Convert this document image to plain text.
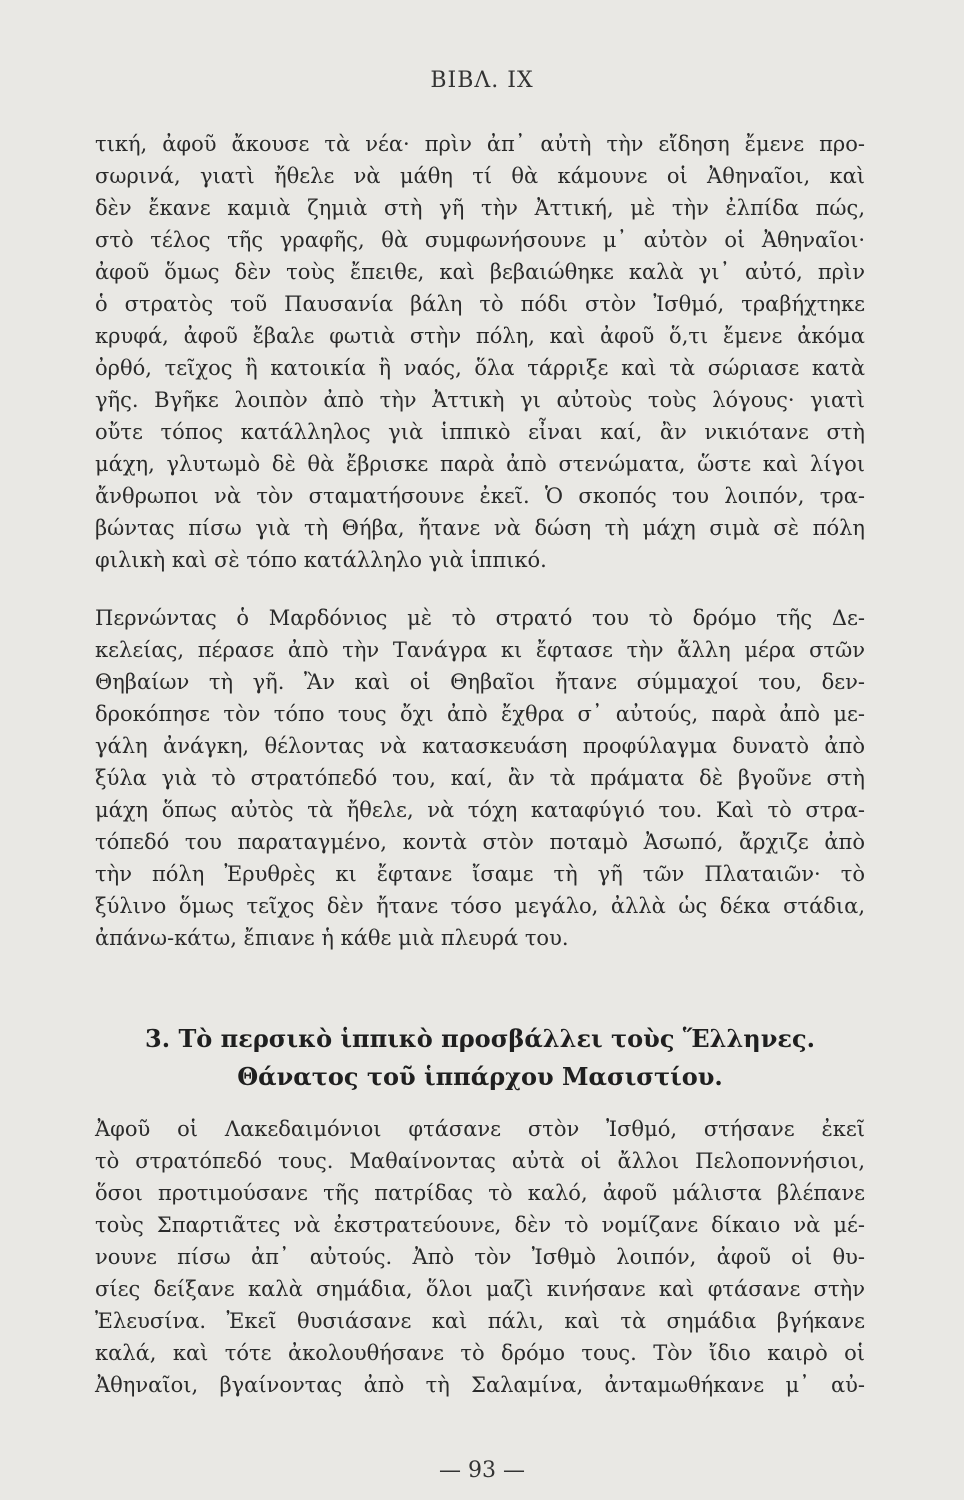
ΒΙΒΛ. IX
τική, ἀφοῦ ἄκουσε τὰ νέα· πρὶν ἀπ᾽ αὐτὴ τὴν εἴδηση ἔμενε προ-
σωρινά, γιατὶ ἤθελε νὰ μάθη τί θὰ κάμουνε οἱ Ἀθηναῖοι, καὶ
δὲν ἔκανε καμιὰ ζημιὰ στὴ γῆ τὴν Ἀττική, μὲ τὴν ἐλπίδα πώς,
στὸ τέλος τῆς γραφῆς, θὰ συμφωνήσουνε μ᾽ αὐτὸν οἱ Ἀθηναῖοι·
ἀφοῦ ὅμως δὲν τοὺς ἔπειθε, καὶ βεβαιώθηκε καλὰ γι᾽ αὐτό, πρὶν
ὁ στρατὸς τοῦ Παυσανία βάλη τὸ πόδι στὸν Ἰσθμό, τραβήχτηκε
κρυφά, ἀφοῦ ἔβαλε φωτιὰ στὴν πόλη, καὶ ἀφοῦ ὅ,τι ἔμενε ἀκόμα
ὀρθό, τεῖχος ἢ κατοικία ἢ ναός, ὅλα τάρριξε καὶ τὰ σώριασε κατὰ
γῆς. Βγῆκε λοιπὸν ἀπὸ τὴν Ἀττικὴ γι αὐτοὺς τοὺς λόγους· γιατὶ
οὔτε τόπος κατάλληλος γιὰ ἱππικὸ εἶναι καί, ἂν νικιότανε στὴ
μάχη, γλυτωμὸ δὲ θὰ ἔβρισκε παρὰ ἀπὸ στενώματα, ὥστε καὶ λίγοι
ἄνθρωποι νὰ τὸν σταματήσουνε ἐκεῖ. Ὁ σκοπός του λοιπόν, τρα-
βώντας πίσω γιὰ τὴ Θήβα, ἤτανε νὰ δώση τὴ μάχη σιμὰ σὲ πόλη
φιλικὴ καὶ σὲ τόπο κατάλληλο γιὰ ἱππικό.
Περνώντας ὁ Μαρδόνιος μὲ τὸ στρατό του τὸ δρόμο τῆς Δε-
κελείας, πέρασε ἀπὸ τὴν Τανάγρα κι ἔφτασε τὴν ἄλλη μέρα στῶν
Θηβαίων τὴ γῆ. Ἂν καὶ οἱ Θηβαῖοι ἤτανε σύμμαχοί του, δεν-
δροκόπησε τὸν τόπο τους ὄχι ἀπὸ ἔχθρα σ᾽ αὐτούς, παρὰ ἀπὸ με-
γάλη ἀνάγκη, θέλοντας νὰ κατασκευάση προφύλαγμα δυνατὸ ἀπὸ
ξύλα γιὰ τὸ στρατόπεδό του, καί, ἂν τὰ πράματα δὲ βγοῦνε στὴ
μάχη ὅπως αὐτὸς τὰ ἤθελε, νὰ τόχη καταφύγιό του. Καὶ τὸ στρα-
τόπεδό του παραταγμένο, κοντὰ στὸν ποταμὸ Ἀσωπό, ἄρχιζε ἀπὸ
τὴν πόλη Ἐρυθρὲς κι ἔφτανε ἴσαμε τὴ γῆ τῶν Πλαταιῶν· τὸ
ξύλινο ὅμως τεῖχος δὲν ἤτανε τόσο μεγάλο, ἀλλὰ ὡς δέκα στάδια,
ἀπάνω-κάτω, ἔπιανε ἡ κάθε μιὰ πλευρά του.
3. Τὸ περσικὸ ἱππικὸ προσβάλλει τοὺς Ἕλληνες.
Θάνατος τοῦ ἱππάρχου Μασιστίου.
Ἀφοῦ οἱ Λακεδαιμόνιοι φτάσανε στὸν Ἰσθμό, στήσανε ἐκεῖ
τὸ στρατόπεδό τους. Μαθαίνοντας αὐτὰ οἱ ἄλλοι Πελοποννήσιοι,
ὅσοι προτιμούσανε τῆς πατρίδας τὸ καλό, ἀφοῦ μάλιστα βλέπανε
τοὺς Σπαρτιᾶτες νὰ ἐκστρατεύουνε, δὲν τὸ νομίζανε δίκαιο νὰ μέ-
νουνε πίσω ἀπ᾽ αὐτούς. Ἀπὸ τὸν Ἰσθμὸ λοιπόν, ἀφοῦ οἱ θυ-
σίες δείξανε καλὰ σημάδια, ὅλοι μαζὶ κινήσανε καὶ φτάσανε στὴν
Ἐλευσίνα. Ἐκεῖ θυσιάσανε καὶ πάλι, καὶ τὰ σημάδια βγήκανε
καλά, καὶ τότε ἀκολουθήσανε τὸ δρόμο τους. Τὸν ἴδιο καιρὸ οἱ
Ἀθηναῖοι, βγαίνοντας ἀπὸ τὴ Σαλαμίνα, ἀνταμωθήκανε μ᾽ αὐ-
— 93 —
